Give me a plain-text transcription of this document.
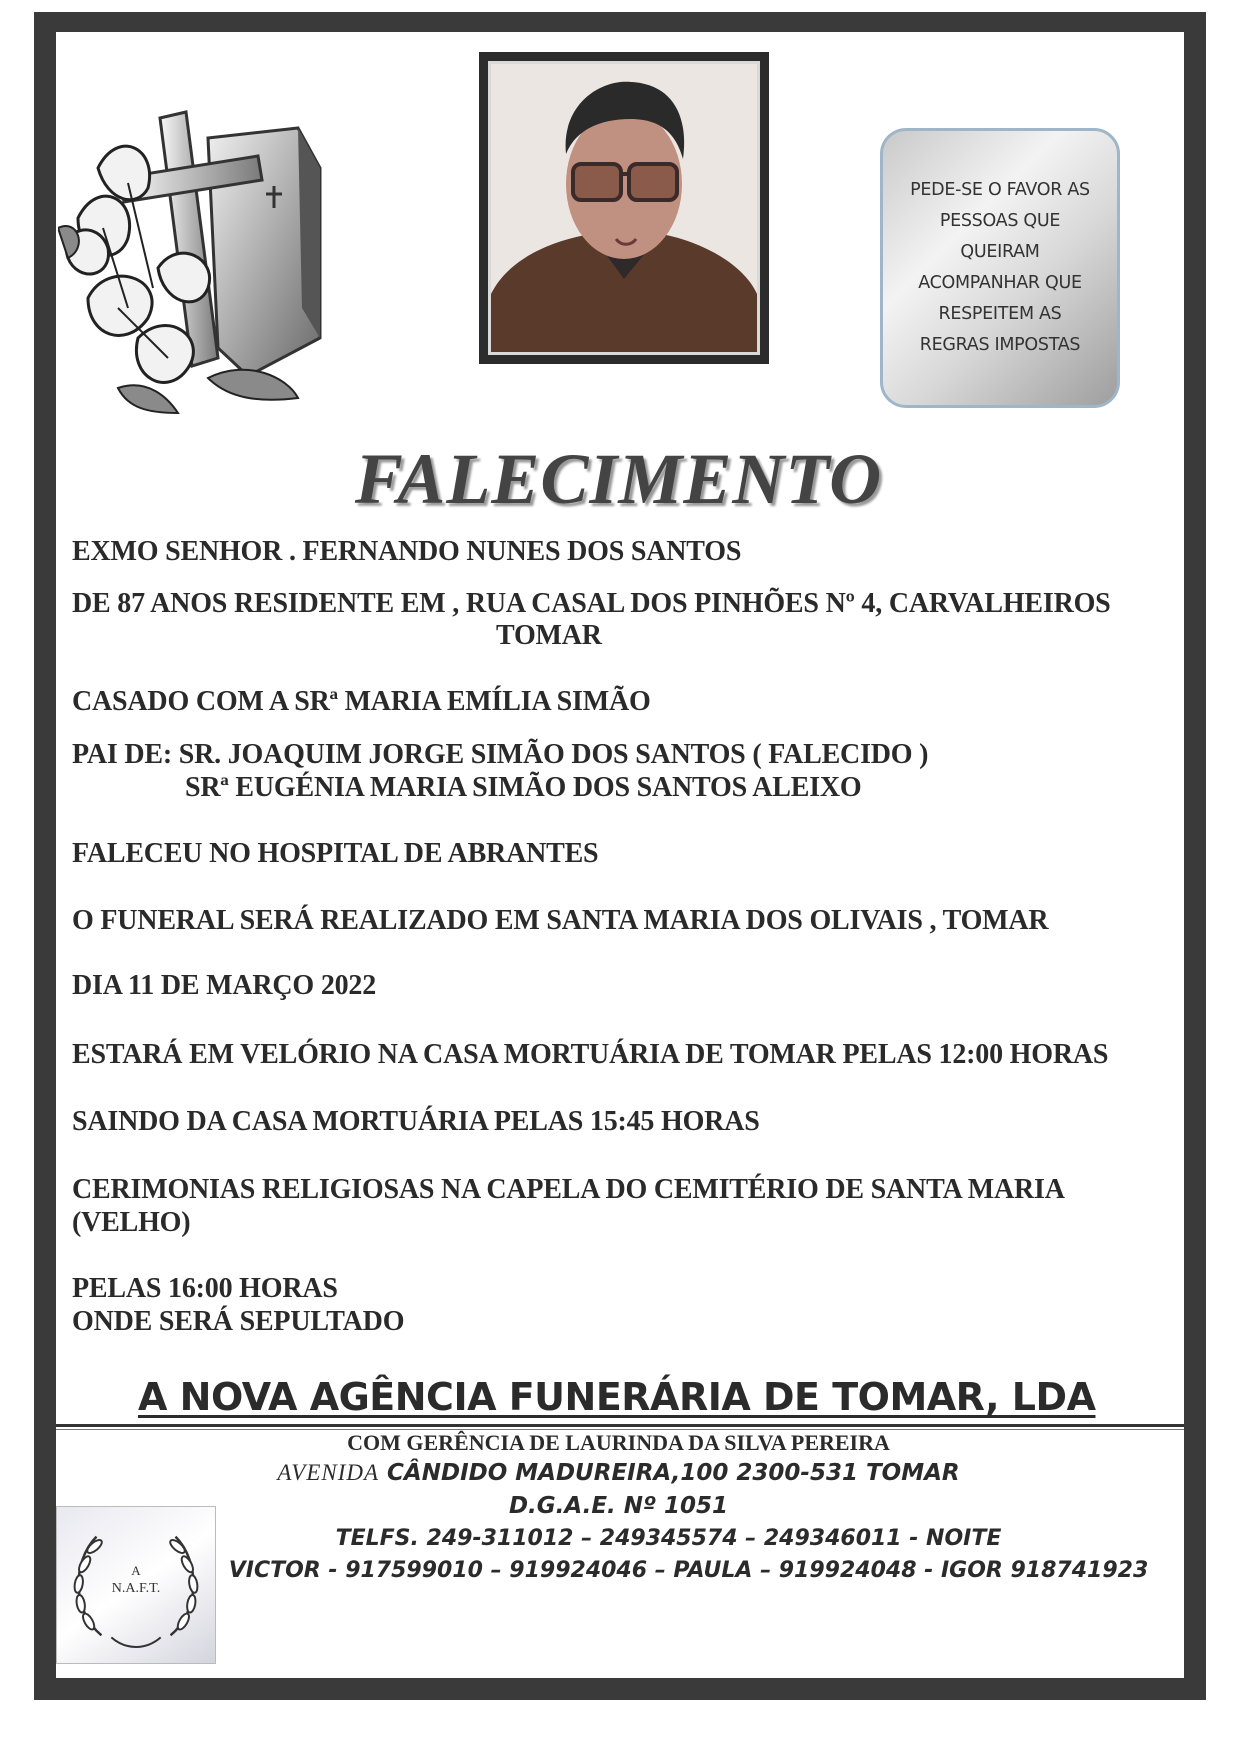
PEDE-SE O FAVOR AS
PESSOAS QUE
QUEIRAM
ACOMPANHAR QUE
RESPEITEM AS
REGRAS IMPOSTAS
FALECIMENTO
EXMO SENHOR . FERNANDO NUNES DOS SANTOS
DE 87 ANOS RESIDENTE EM , RUA CASAL DOS PINHÕES Nº 4, CARVALHEIROS
TOMAR
CASADO COM A SRª MARIA EMÍLIA SIMÃO
PAI DE: SR. JOAQUIM JORGE SIMÃO DOS SANTOS ( FALECIDO )
SRª EUGÉNIA MARIA SIMÃO DOS SANTOS ALEIXO
FALECEU NO HOSPITAL DE ABRANTES
O FUNERAL SERÁ REALIZADO EM SANTA MARIA DOS OLIVAIS , TOMAR
DIA 11 DE MARÇO 2022
ESTARÁ EM VELÓRIO NA CASA MORTUÁRIA DE TOMAR PELAS 12:00 HORAS
SAINDO DA CASA MORTUÁRIA PELAS 15:45 HORAS
CERIMONIAS RELIGIOSAS NA CAPELA DO CEMITÉRIO DE SANTA MARIA
(VELHO)
PELAS 16:00 HORAS
ONDE SERÁ SEPULTADO
A NOVA AGÊNCIA FUNERÁRIA DE TOMAR, LDA
COM GERÊNCIA DE LAURINDA DA SILVA PEREIRA
AVENIDA CÂNDIDO MADUREIRA,100 2300-531 TOMAR
D.G.A.E. Nº 1051
TELFS. 249-311012 – 249345574 – 249346011 - NOITE
VICTOR - 917599010 – 919924046 – PAULA – 919924048 - IGOR 918741923
A
N.A.F.T.
